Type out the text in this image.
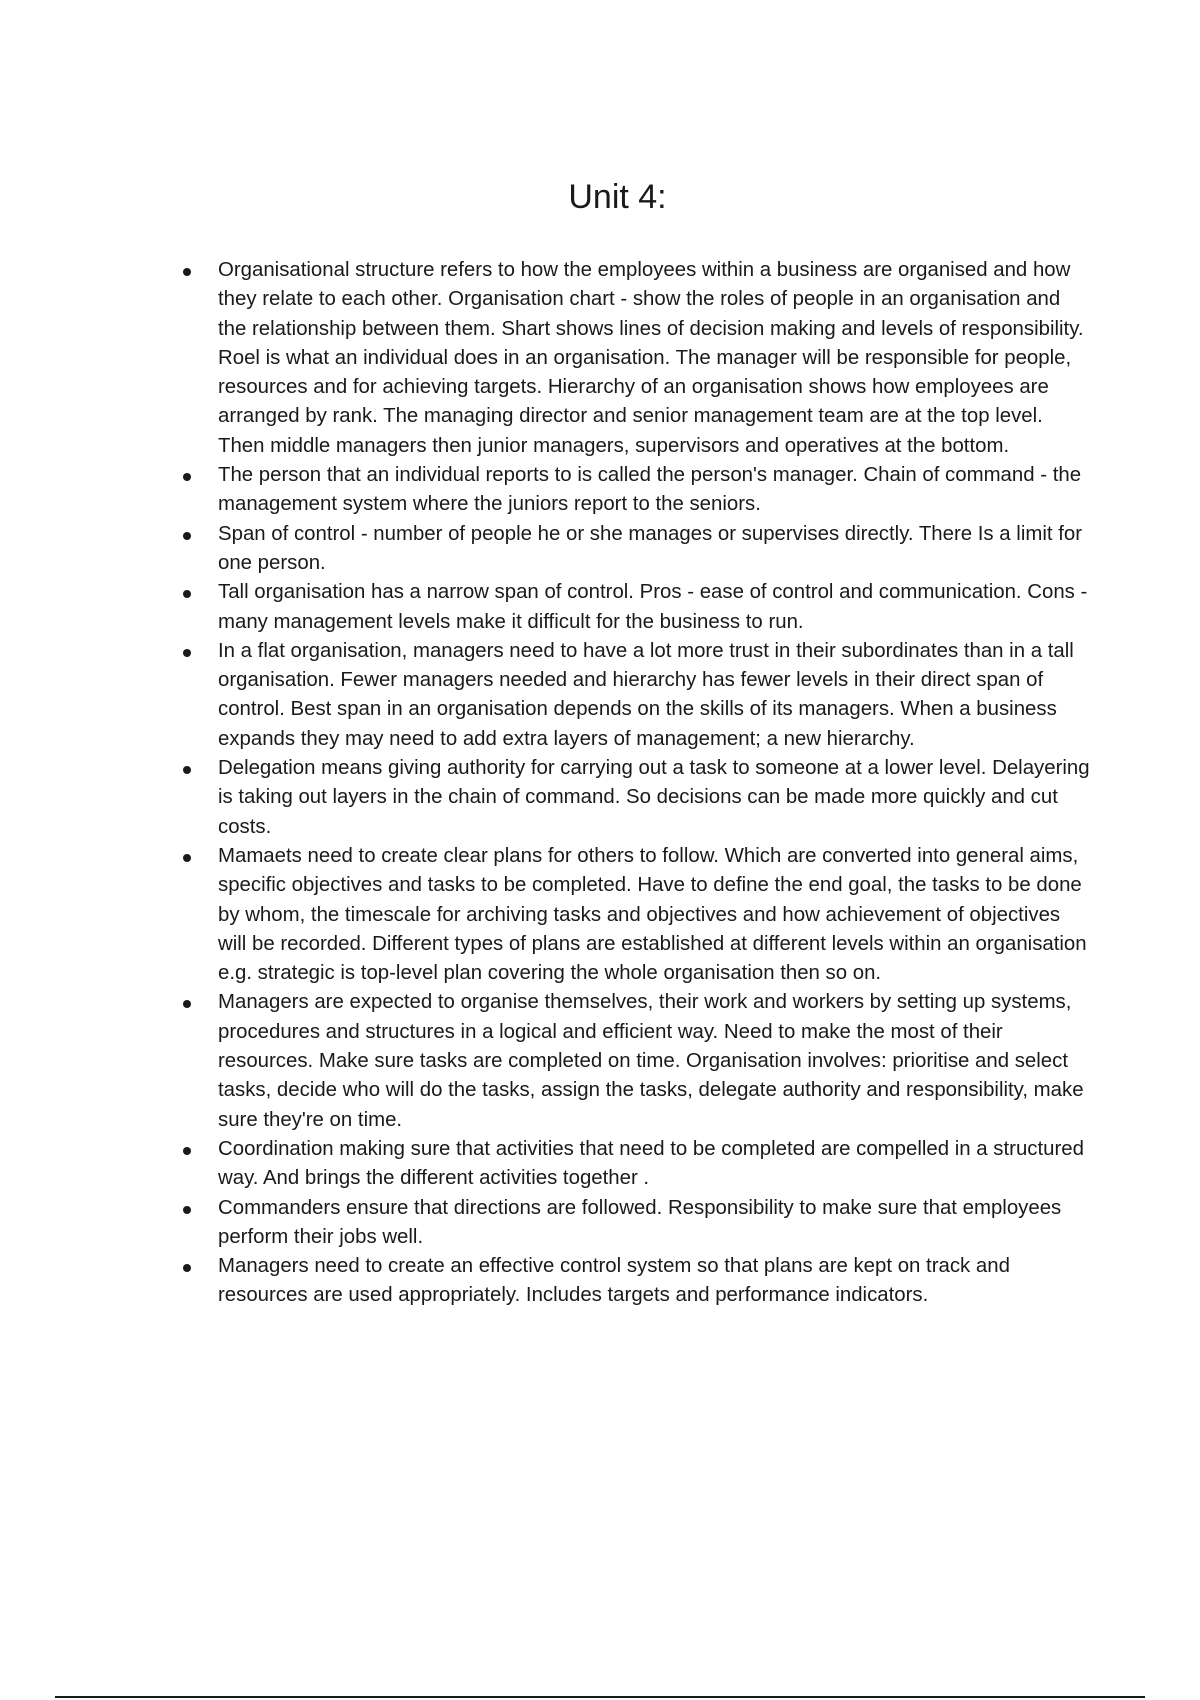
Unit 4:
Organisational structure refers to how the employees within a business are organised and how they relate to each other. Organisation chart - show the roles of people in an organisation and the relationship between them. Shart shows lines of decision making and levels of responsibility. Roel is what an individual does in an organisation. The manager will be responsible for people, resources and for achieving targets. Hierarchy of an organisation shows how employees are arranged by rank. The managing director and senior management team are at the top level. Then middle managers then junior managers, supervisors and operatives at the bottom.
The person that an individual reports to is called the person's manager. Chain of command - the management system where the juniors report to the seniors.
Span of control - number of people he or she manages or supervises directly. There Is a limit for one person.
Tall organisation has a narrow span of control. Pros - ease of control and communication. Cons - many management levels make it difficult for the business to run.
In a flat organisation, managers need to have a lot more trust in their subordinates than in a tall organisation. Fewer managers needed and hierarchy has fewer levels in their direct span of control. Best span in an organisation depends on the skills of its managers. When a business expands they may need to add extra layers of management; a new hierarchy.
Delegation means giving authority for carrying out a task to someone at a lower level. Delayering is taking out layers in the chain of command. So decisions can be made more quickly and cut costs.
Mamaets need to create clear plans for others to follow. Which are converted into general aims, specific objectives and tasks to be completed. Have to define the end goal, the tasks to be done by whom, the timescale for archiving tasks and objectives and how achievement of objectives will be recorded. Different types of plans are established at different levels within an organisation e.g. strategic is top-level plan covering the whole organisation then so on.
Managers are expected to organise themselves, their work and workers by setting up systems, procedures and structures in a logical and efficient way. Need to make the most of their resources. Make sure tasks are completed on time. Organisation involves: prioritise and select tasks, decide who will do the tasks, assign the tasks, delegate authority and responsibility, make sure they're on time.
Coordination making sure that activities that need to be completed are compelled in a structured way. And brings the different activities together .
Commanders ensure that directions are followed. Responsibility to make sure that employees perform their jobs well.
Managers need to create an effective control system so that plans are kept on track and resources are used appropriately. Includes targets and performance indicators.
